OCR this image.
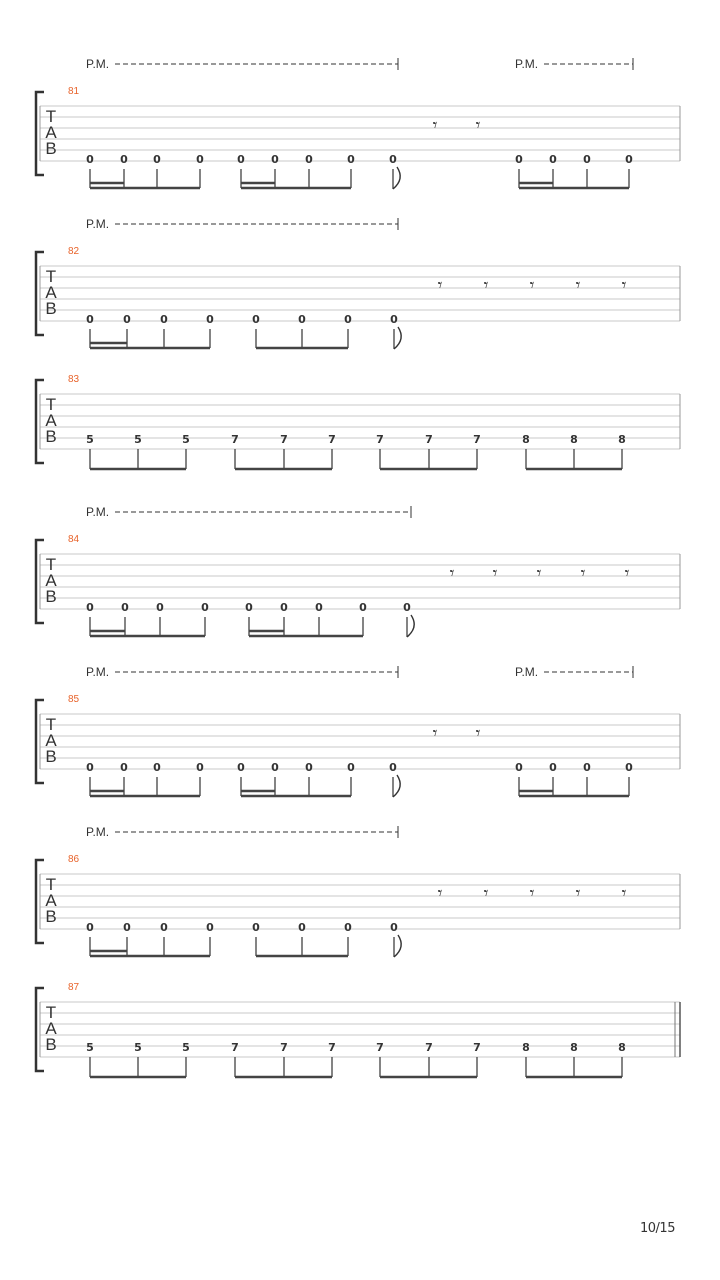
P.M.	P.M.
81
T
A
B
0 0 0	0	0 0 0	0	0	0 0 0	0
𝄾 𝄾
P.M.
82
T
A
B
0	0	0	0	0	0	0	0
𝄾 𝄾 𝄾 𝄾 𝄾
83
T
A
B	5	5	5	7	7	7	7	7	7	8	8	8
P.M.
84
T
A
B
0 0 0	0	0 0 0	0	0
𝄾 𝄾 𝄾 𝄾 𝄾
P.M.	P.M.
85
T
A
B
0 0 0	0	0 0 0	0	0	0 0 0	0
𝄾 𝄾
P.M.
86
T
A
B
0	0	0	0	0	0	0	0
𝄾 𝄾 𝄾 𝄾 𝄾
87
T
A
B	5	5	5	7	7	7	7	7	7	8	8	8
10/15
